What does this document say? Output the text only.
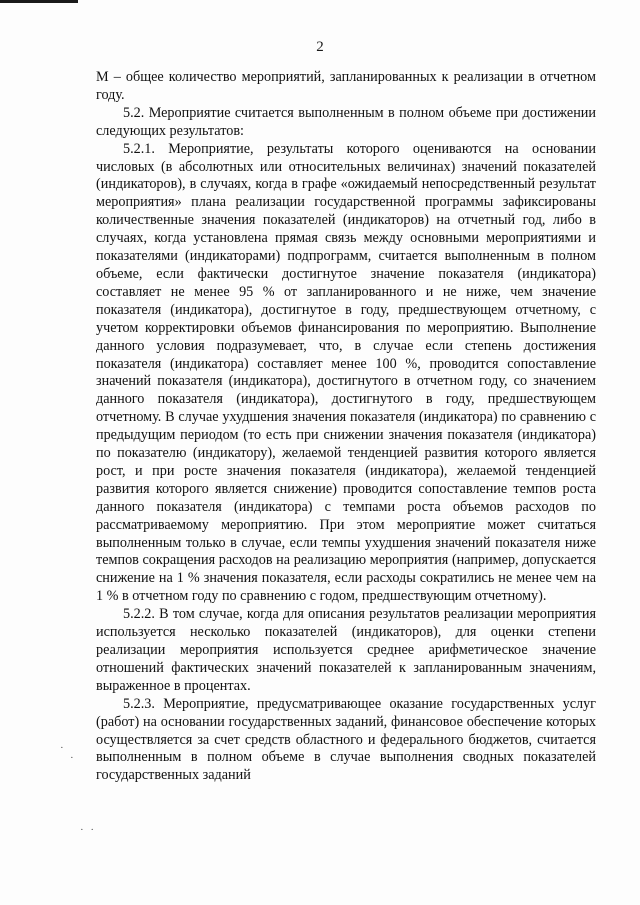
2

М – общее количество мероприятий, запланированных к реализации в отчетном году.

5.2. Мероприятие считается выполненным в полном объеме при достижении следующих результатов:

5.2.1. Мероприятие, результаты которого оцениваются на основании числовых (в абсолютных или относительных величинах) значений показателей (индикаторов), в случаях, когда в графе «ожидаемый непосредственный результат мероприятия» плана реализации государственной программы зафиксированы количественные значения показателей (индикаторов) на отчетный год, либо в случаях, когда установлена прямая связь между основными мероприятиями и показателями (индикаторами) подпрограмм, считается выполненным в полном объеме, если фактически достигнутое значение показателя (индикатора) составляет не менее 95 % от запланированного и не ниже, чем значение показателя (индикатора), достигнутое в году, предшествующем отчетному, с учетом корректировки объемов финансирования по мероприятию. Выполнение данного условия подразумевает, что, в случае если степень достижения показателя (индикатора) составляет менее 100 %, проводится сопоставление значений показателя (индикатора), достигнутого в отчетном году, со значением данного показателя (индикатора), достигнутого в году, предшествующем отчетному. В случае ухудшения значения показателя (индикатора) по сравнению с предыдущим периодом (то есть при снижении значения показателя (индикатора) по показателю (индикатору), желаемой тенденцией развития которого является рост, и при росте значения показателя (индикатора), желаемой тенденцией развития которого является снижение) проводится сопоставление темпов роста данного показателя (индикатора) с темпами роста объемов расходов по рассматриваемому мероприятию. При этом мероприятие может считаться выполненным только в случае, если темпы ухудшения значений показателя ниже темпов сокращения расходов на реализацию мероприятия (например, допускается снижение на 1 % значения показателя, если расходы сократились не менее чем на 1 % в отчетном году по сравнению с годом, предшествующим отчетному).

5.2.2. В том случае, когда для описания результатов реализации мероприятия используется несколько показателей (индикаторов), для оценки степени реализации мероприятия используется среднее арифметическое значение отношений фактических значений показателей к запланированным значениям, выраженное в процентах.

5.2.3. Мероприятие, предусматривающее оказание государственных услуг (работ) на основании государственных заданий, финансовое обеспечение которых осуществляется за счет средств областного и федерального бюджетов, считается выполненным в полном объеме в случае выполнения сводных показателей государственных заданий

·
·
· ·
